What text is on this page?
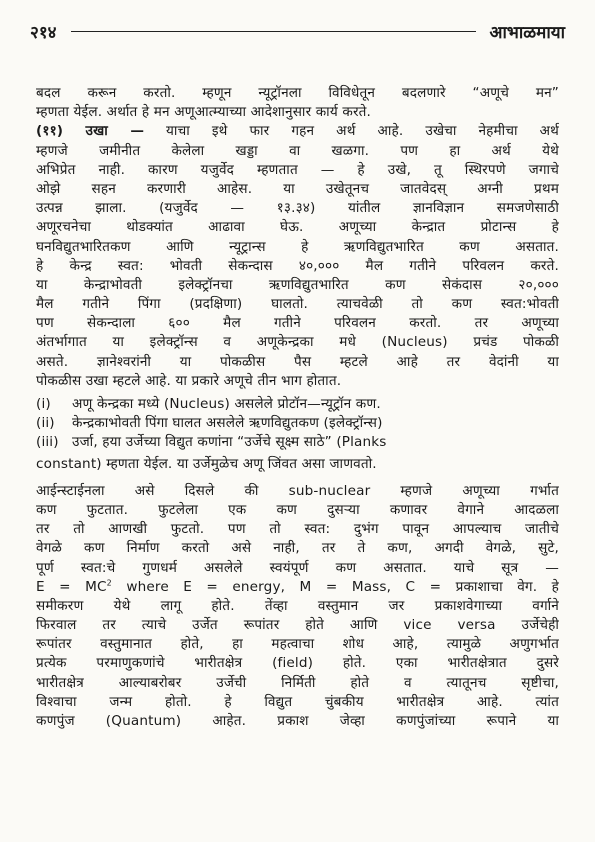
२१४	आभाळमाया
बदल करून करतो. म्हणून न्यूट्रॉनला विविधेतून बदलणारे “अणूचे मन”
म्हणता येईल. अर्थात हे मन अणूआत्म्याच्या आदेशानुसार कार्य करते.
(११) उखा — याचा इथे फार गहन अर्थ आहे. उखेचा नेहमीचा अर्थ
म्हणजे जमीनीत केलेला खड्डा वा खळगा. पण हा अर्थ येथे
अभिप्रेत नाही. कारण यजुर्वेद म्हणतात — हे उखे, तू स्थिरपणे जगाचे
ओझे सहन करणारी आहेस. या उखेतूनच जातवेदस् अग्नी प्रथम
उत्पन्न झाला. (यजुर्वेद — १३.३४) यांतील ज्ञानविज्ञान समजणेसाठी
अणूरचनेचा थोडक्यांत आढावा घेऊ. अणूच्या केन्द्रात प्रोटान्स हे
घनविद्युतभारितकण आणि न्यूट्रान्स हे ऋणविद्युतभारित कण असतात.
हे केन्द्र स्वत: भोवती सेकन्दास ४०,००० मैल गतीने परिवलन करते.
या केन्द्राभोवती इलेक्ट्रॉनचा ऋणविद्युतभारित कण सेकंदास २०,०००
मैल गतीने पिंगा (प्रदक्षिणा) घालतो. त्याचवेळी तो कण स्वत:भोवती
पण सेकन्दाला ६०० मैल गतीने परिवलन करतो. तर अणूच्या
अंतर्भागात या इलेक्ट्रॉन्स व अणूकेन्द्रका मधे (Nucleus) प्रचंड पोकळी
असते. ज्ञानेश्वरांनी या पोकळीस पैस म्हटले आहे तर वेदांनी या
पोकळीस उखा म्हटले आहे. या प्रकारे अणूचे तीन भाग होतात.
(i)	अणू केन्द्रका मध्ये (Nucleus) असलेले प्रोटॉन—न्यूट्रॉन कण.
(ii)	केन्द्रकाभोवती पिंगा घालत असलेले ऋणविद्युतकण (इलेक्ट्रॉन्स)
(iii) उर्जा, हया उर्जेच्या विद्युत कणांना “उर्जेचे सूक्ष्म साठे” (Planks
constant) म्हणता येईल. या उर्जेमुळेच अणू जिंवत असा जाणवतो.
आईन्स्टाईनला असे दिसले की sub-nuclear म्हणजे अणूच्या गर्भात
कण फुटतात. फुटलेला एक कण दुसऱ्या कणावर वेगाने आदळला
तर तो आणखी फुटतो. पण तो स्वत: दुभंग पावून आपल्याच जातीचे
वेगळे कण निर्माण करतो असे नाही, तर ते कण, अगदी वेगळे, सुटे,
पूर्ण स्वत:चे गुणधर्म असलेले स्वयंपूर्ण कण असतात. याचे सूत्र —
$E = MC^2$ where E = energy, M = Mass, C = प्रकाशाचा वेग. हे
समीकरण येथे लागू होते. तेंव्हा वस्तुमान जर प्रकाशवेगाच्या वर्गाने
फिरवाल तर त्याचे उर्जेत रूपांतर होते आणि vice versa उर्जेचेही
रूपांतर वस्तुमानात होते, हा महत्वाचा शोध आहे, त्यामुळे अणुगर्भात
प्रत्येक परमाणुकणांचे भारीतक्षेत्र (field) होते. एका भारीतक्षेत्रात दुसरे
भारीतक्षेत्र आल्याबरोबर उर्जेची निर्मिती होते व त्यातूनच सृष्टीचा,
विश्वाचा जन्म होतो. हे विद्युत चुंबकीय भारीतक्षेत्र आहे. त्यांत
कणपुंज (Quantum) आहेत. प्रकाश जेव्हा कणपुंजांच्या रूपाने या
